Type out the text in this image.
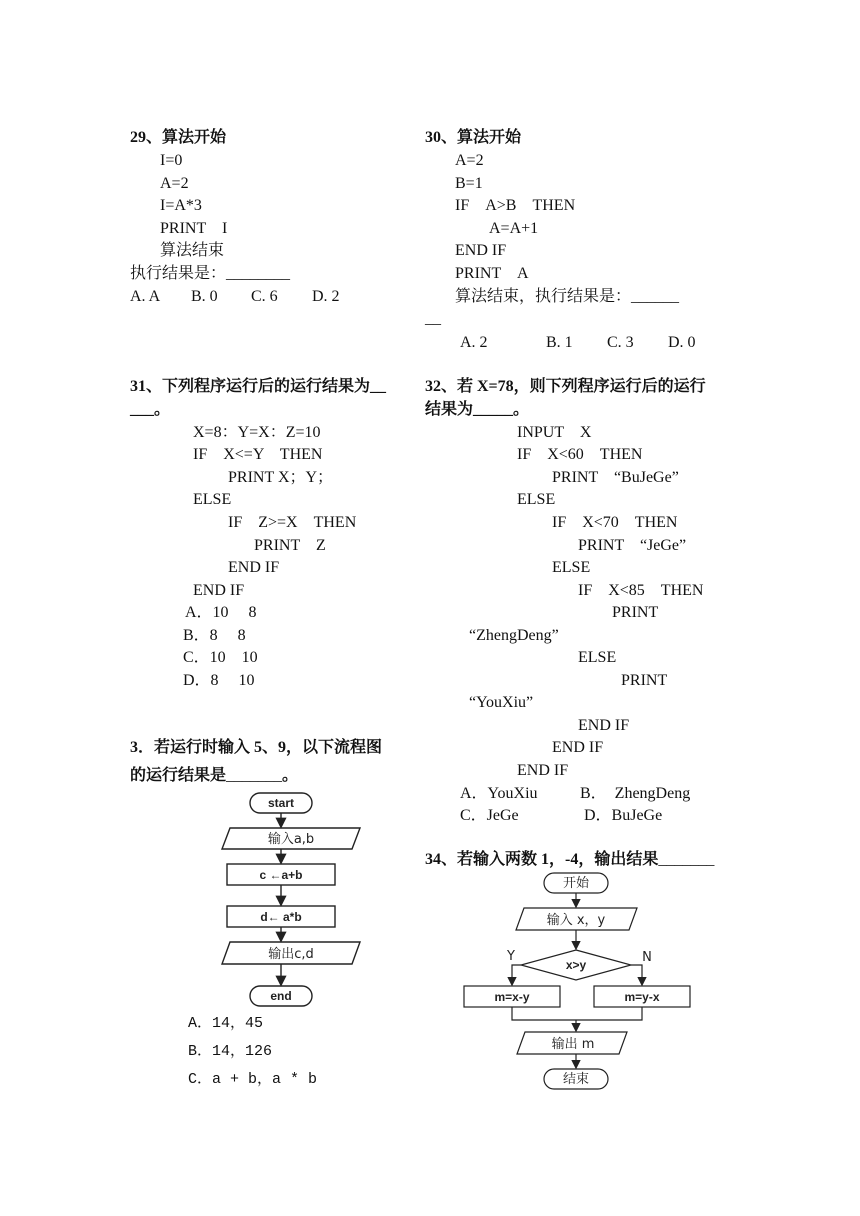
29、算法开始
I=0
A=2
I=A*3
PRINT　I
算法结束
执行结果是：________
A. A B. 0 C. 6 D. 2
30、算法开始
A=2
B=1
IF　A>B　THEN
A=A+1
END IF
PRINT　A
算法结束，执行结果是：______
__
A. 2	B. 1 C. 3 D. 0
31、下列程序运行后的运行结果为__
___。
X=8：Y=X：Z=10
IF　X<=Y　THEN
PRINT X；Y；
ELSE
IF　Z>=X　THEN
PRINT　Z
END IF
END IF
A．10　 8
B．8　 8
C．10　10
D．8　 10
32、若 X=78，则下列程序运行后的运行
结果为_____。
INPUT　X
IF　X<60　THEN
PRINT　“BuJeGe”
ELSE
IF　X<70　THEN
PRINT　“JeGe”
ELSE
IF　X<85　THEN
PRINT
“ZhengDeng”
ELSE
PRINT
“YouXiu”
END IF
END IF
END IF
A．YouXiu	B．　ZhengDeng
C．JeGe	D．BuJeGe
3．若运行时输入 5、9，以下流程图
的运行结果是_______。
start
输入a,b
c ←a+b
d← a*b
输出c,d
end
A．14，45
B．14，126
C．a + b，a * b
34、若输入两数 1，-4，输出结果_______
开始
输入 x，y
x>y
Y	N
m=x-y	m=y-x
输出 m
结束
